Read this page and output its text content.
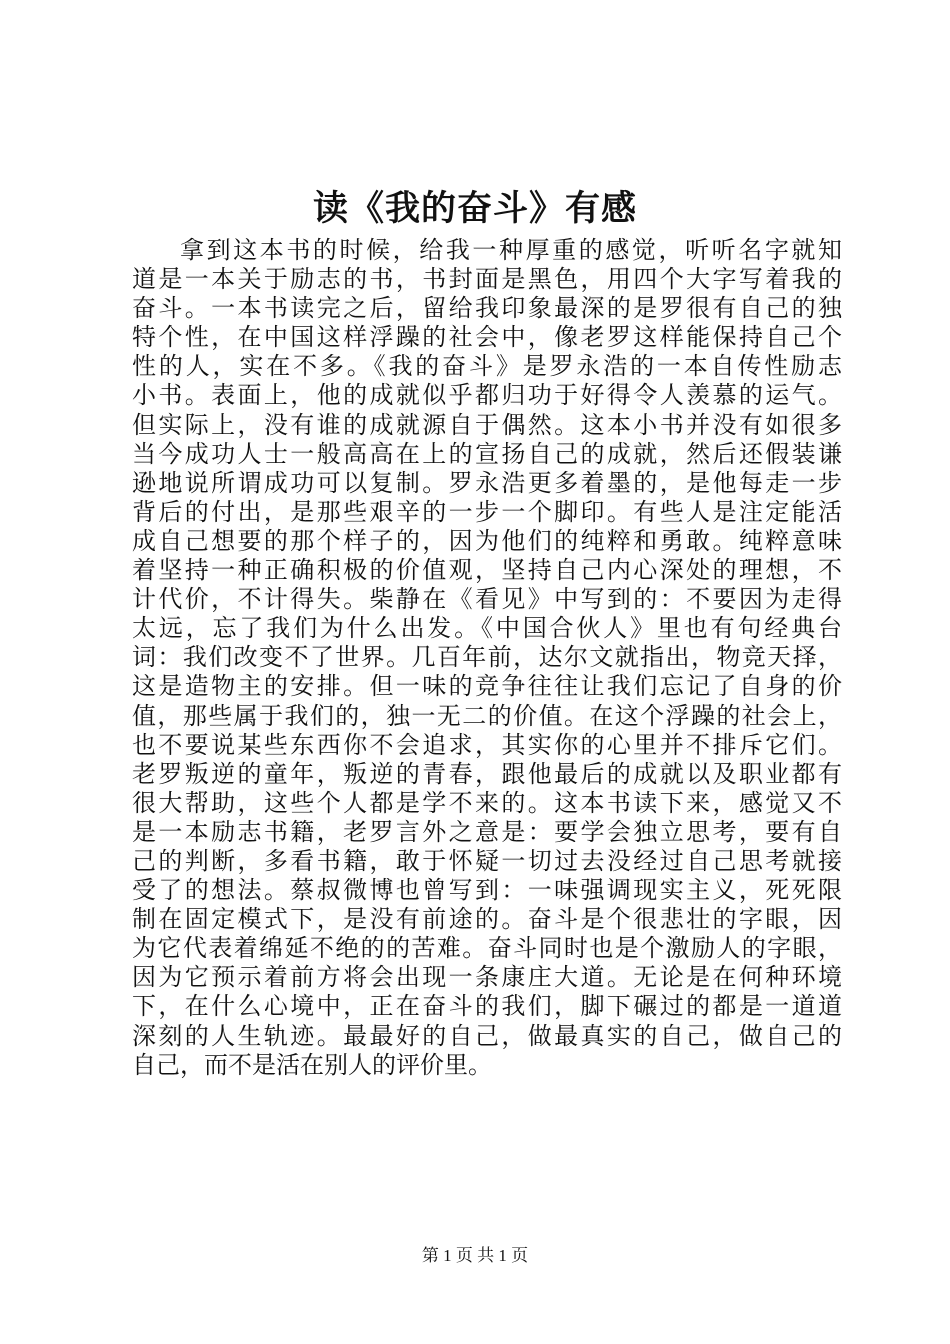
读《我的奋斗》有感
拿到这本书的时候，给我一种厚重的感觉，听听名字就知
道是一本关于励志的书，书封面是黑色，用四个大字写着我的
奋斗。一本书读完之后，留给我印象最深的是罗很有自己的独
特个性，在中国这样浮躁的社会中，像老罗这样能保持自己个
性的人，实在不多。《我的奋斗》是罗永浩的一本自传性励志
小书。表面上，他的成就似乎都归功于好得令人羡慕的运气。
但实际上，没有谁的成就源自于偶然。这本小书并没有如很多
当今成功人士一般高高在上的宣扬自己的成就，然后还假装谦
逊地说所谓成功可以复制。罗永浩更多着墨的，是他每走一步
背后的付出，是那些艰辛的一步一个脚印。有些人是注定能活
成自己想要的那个样子的，因为他们的纯粹和勇敢。纯粹意味
着坚持一种正确积极的价值观，坚持自己内心深处的理想，不
计代价，不计得失。柴静在《看见》中写到的：不要因为走得
太远，忘了我们为什么出发。《中国合伙人》里也有句经典台
词：我们改变不了世界。几百年前，达尔文就指出，物竞天择，
这是造物主的安排。但一味的竞争往往让我们忘记了自身的价
值，那些属于我们的，独一无二的价值。在这个浮躁的社会上，
也不要说某些东西你不会追求，其实你的心里并不排斥它们。
老罗叛逆的童年，叛逆的青春，跟他最后的成就以及职业都有
很大帮助，这些个人都是学不来的。这本书读下来，感觉又不
是一本励志书籍，老罗言外之意是：要学会独立思考，要有自
己的判断，多看书籍，敢于怀疑一切过去没经过自己思考就接
受了的想法。蔡叔微博也曾写到：一味强调现实主义，死死限
制在固定模式下，是没有前途的。奋斗是个很悲壮的字眼，因
为它代表着绵延不绝的的苦难。奋斗同时也是个激励人的字眼，
因为它预示着前方将会出现一条康庄大道。无论是在何种环境
下，在什么心境中，正在奋斗的我们，脚下碾过的都是一道道
深刻的人生轨迹。最最好的自己，做最真实的自己，做自己的
自己，而不是活在别人的评价里。
第 1 页 共 1 页
